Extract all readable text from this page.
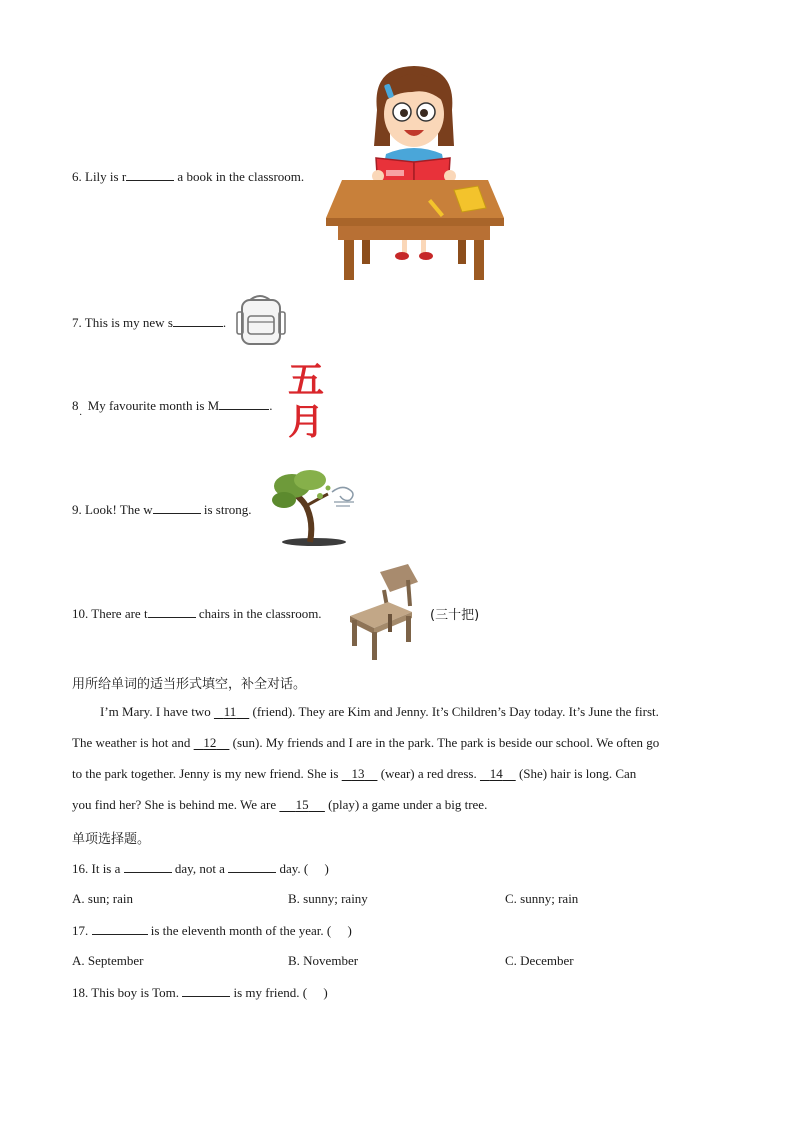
6. Lily is r	a book in the classroom.
7. This is my new s	.
8 My favourite month is M	.
·
五
月
9. Look! The w	is strong.
10. There are t	chairs in the classroom.	(三十把)
用所给单词的适当形式填空，补全对话。
I’m Mary. I have two ​   11     (friend). They are Kim and Jenny. It’s Children’s Day today. It’s June the first.
The weather is hot and    12     (sun). My friends and I are in the park. The park is beside our school. We often go
to the park together. Jenny is my new friend. She is    13     (wear) a red dress.    14     (She) hair is long. Can
you find her? She is behind me. We are      15      (play) a game under a big tree.
单项选择题。
16. It is a	day, not a	day. (     )
A. sun; rain	B. sunny; rainy	C. sunny; rain
17.	is the eleventh month of the year. (     )
A. September	B. November	C. December
18. This boy is Tom.	is my friend. (     )
